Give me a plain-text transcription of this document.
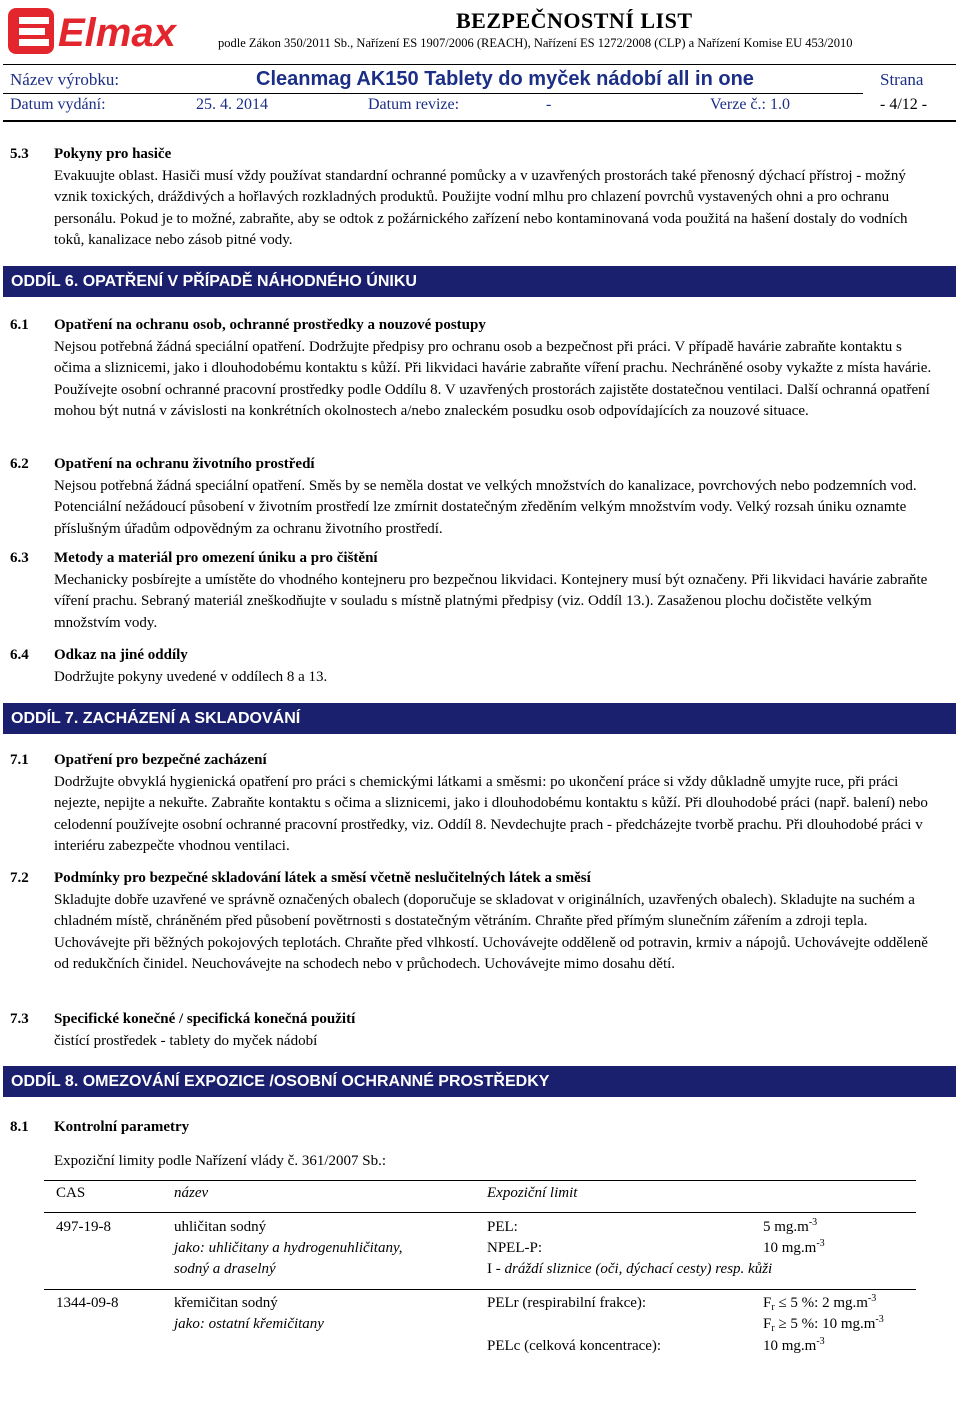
Elmax	BEZPEČNOSTNÍ LIST
podle Zákon 350/2011 Sb., Nařízení ES 1907/2006 (REACH), Nařízení ES 1272/2008 (CLP) a Nařízení Komise EU 453/2010
Název výrobku:	Cleanmag AK150 Tablety do myček nádobí all in one	Strana
Datum vydání:	25. 4. 2014	Datum revize:	-	Verze č.: 1.0	- 4/12 -
5.3 Pokyny pro hasiče
Evakuujte oblast. Hasiči musí vždy používat standardní ochranné pomůcky a v uzavřených prostorách také přenosný dýchací přístroj - možný vznik toxických, dráždivých a hořlavých rozkladných produktů. Použijte vodní mlhu pro chlazení povrchů vystavených ohni a pro ochranu personálu. Pokud je to možné, zabraňte, aby se odtok z požárnického zařízení nebo kontaminovaná voda použitá na hašení dostaly do vodních toků, kanalizace nebo zásob pitné vody.
ODDÍL 6. OPATŘENÍ V PŘÍPADĚ NÁHODNÉHO ÚNIKU
6.1 Opatření na ochranu osob, ochranné prostředky a nouzové postupy
Nejsou potřebná žádná speciální opatření. Dodržujte předpisy pro ochranu osob a bezpečnost při práci. V případě havárie zabraňte kontaktu s očima a sliznicemi, jako i dlouhodobému kontaktu s kůží. Při likvidaci havárie zabraňte víření prachu. Nechráněné osoby vykažte z místa havárie. Používejte osobní ochranné pracovní prostředky podle Oddílu 8. V uzavřených prostorách zajistěte dostatečnou ventilaci. Další ochranná opatření mohou být nutná v závislosti na konkrétních okolnostech a/nebo znaleckém posudku osob odpovídajících za nouzové situace.
6.2 Opatření na ochranu životního prostředí
Nejsou potřebná žádná speciální opatření. Směs by se neměla dostat ve velkých množstvích do kanalizace, povrchových nebo podzemních vod. Potenciální nežádoucí působení v životním prostředí lze zmírnit dostatečným zředěním velkým množstvím vody. Velký rozsah úniku oznamte příslušným úřadům odpovědným za ochranu životního prostředí.
6.3 Metody a materiál pro omezení úniku a pro čištění
Mechanicky posbírejte a umístěte do vhodného kontejneru pro bezpečnou likvidaci. Kontejnery musí být označeny. Při likvidaci havárie zabraňte víření prachu. Sebraný materiál zneškodňujte v souladu s místně platnými předpisy (viz. Oddíl 13.). Zasaženou plochu dočistěte velkým množstvím vody.
6.4 Odkaz na jiné oddíly
Dodržujte pokyny uvedené v oddílech 8 a 13.
ODDÍL 7. ZACHÁZENÍ A SKLADOVÁNÍ
7.1 Opatření pro bezpečné zacházení
Dodržujte obvyklá hygienická opatření pro práci s chemickými látkami a směsmi: po ukončení práce si vždy důkladně umyjte ruce, při práci nejezte, nepijte a nekuřte. Zabraňte kontaktu s očima a sliznicemi, jako i dlouhodobému kontaktu s kůží. Při dlouhodobé práci (např. balení) nebo celodenní používejte osobní ochranné pracovní prostředky, viz. Oddíl 8. Nevdechujte prach - předcházejte tvorbě prachu. Při dlouhodobé práci v interiéru zabezpečte vhodnou ventilaci.
7.2 Podmínky pro bezpečné skladování látek a směsí včetně neslučitelných látek a směsí
Skladujte dobře uzavřené ve správně označených obalech (doporučuje se skladovat v originálních, uzavřených obalech). Skladujte na suchém a chladném místě, chráněném před působení povětrnosti s dostatečným větráním. Chraňte před přímým slunečním zářením a zdroji tepla. Uchovávejte při běžných pokojových teplotách. Chraňte před vlhkostí. Uchovávejte odděleně od potravin, krmiv a nápojů. Uchovávejte odděleně od redukčních činidel. Neuchovávejte na schodech nebo v průchodech. Uchovávejte mimo dosahu dětí.
7.3 Specifické konečné / specifická konečná použití
čistící prostředek - tablety do myček nádobí
ODDÍL 8. OMEZOVÁNÍ EXPOZICE /OSOBNÍ OCHRANNÉ PROSTŘEDKY
8.1 Kontrolní parametry
Expoziční limity podle Nařízení vlády č. 361/2007 Sb.:
CAS	název	Expoziční limit
497-19-8	uhličitan sodný
jako: uhličitany a hydrogenuhličitany,
sodný a draselný
PEL:	5 $mg.m^{-3}$
NPEL-P:	10 $mg.m^{-3}$
I - dráždí sliznice (oči, dýchací cesty) resp. kůži
1344-09-8	křemičitan sodný
jako: ostatní křemičitany
PELr (respirabilní frakce):	$F_r \le 5$ %: 2 $mg.m^{-3}$
$F_r \ge 5$ %: 10 $mg.m^{-3}$
PELc (celková koncentrace):	10 $mg.m^{-3}$
